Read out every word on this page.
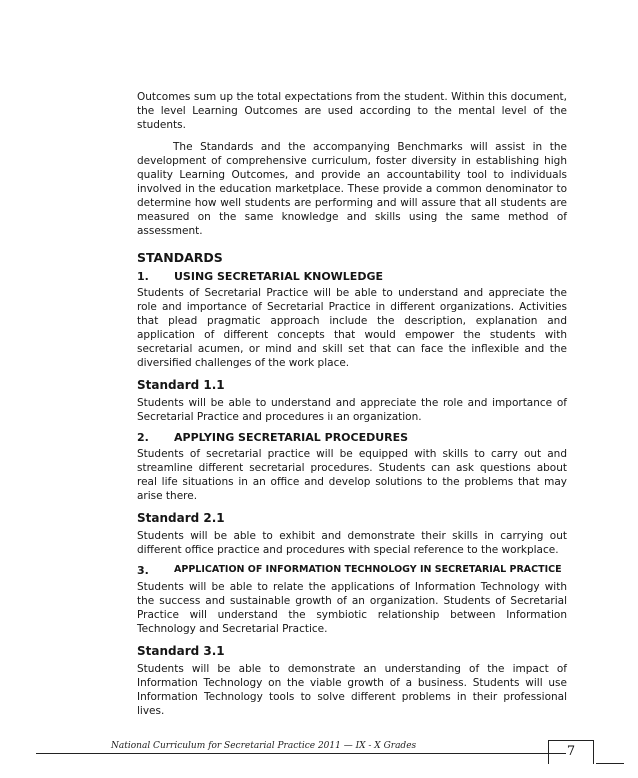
Outcomes sum up the total expectations from the student. Within this document, the level Learning Outcomes are used according to the mental level of the students.

The Standards and the accompanying Benchmarks will assist in the development of comprehensive curriculum, foster diversity in establishing high quality Learning Outcomes, and provide an accountability tool to individuals involved in the education marketplace. These provide a common denominator to determine how well students are performing and will assure that all students are measured on the same knowledge and skills using the same method of assessment.

STANDARDS
1.	USING SECRETARIAL KNOWLEDGE

Students of Secretarial Practice will be able to understand and appreciate the role and importance of Secretarial Practice in different organizations. Activities that plead pragmatic approach include the description, explanation and application of different concepts that would empower the students with secretarial acumen, or mind and skill set that can face the inflexible and the diversified challenges of the work place.

Standard 1.1

Students will be able to understand and appreciate the role and importance of Secretarial Practice and procedures iı an organization.

2.	APPLYING SECRETARIAL PROCEDURES

Students of secretarial practice will be equipped with skills to carry out and streamline different secretarial procedures. Students can ask questions about real life situations in an office and develop solutions to the problems that may arise there.

Standard 2.1

Students will be able to exhibit and demonstrate their skills in carrying out different office practice and procedures with special reference to the workplace.

3.	APPLICATION OF INFORMATION TECHNOLOGY IN SECRETARIAL PRACTICE

Students will be able to relate the applications of Information Technology with the success and sustainable growth of an organization. Students of Secretarial Practice will understand the symbiotic relationship between Information Technology and Secretarial Practice.

Standard 3.1

Students will be able to demonstrate an understanding of the impact of Information Technology on the viable growth of a business. Students will use Information Technology tools to solve different problems in their professional lives.

National Curriculum for Secretarial Practice 2011 — IX - X Grades	7
